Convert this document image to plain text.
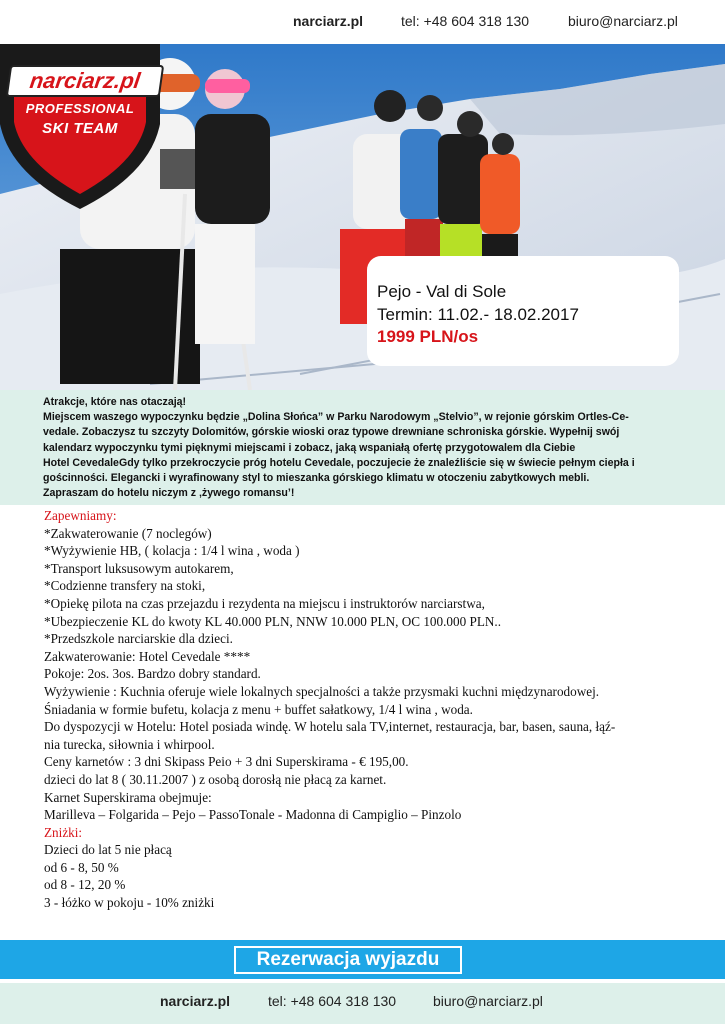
narciarz.pl	tel: +48 604 318 130	biuro@narciarz.pl
narciarz.pl
PROFESSIONAL
SKI TEAM
Pejo - Val di Sole
Termin: 11.02.- 18.02.2017
1999 PLN/os

Atrakcje, które nas otaczają!
Miejscem waszego wypoczynku będzie „Dolina Słońca” w Parku Narodowym „Stelvio”, w rejonie górskim Ortles-Ce-
vedale. Zobaczysz tu szczyty Dolomitów, górskie wioski oraz typowe drewniane schroniska górskie. Wypełnij swój
kalendarz wypoczynku tymi pięknymi miejscami i zobacz, jaką wspaniałą ofertę przygotowalem dla Ciebie
Hotel CevedaleGdy tylko przekroczycie próg hotelu Cevedale, poczujecie że znaleźliście się w świecie pełnym ciepła i
gościnności. Elegancki i wyrafinowany styl to mieszanka górskiego klimatu w otoczeniu zabytkowych mebli.
Zapraszam do hotelu niczym z ‚żywego romansu’!

Zapewniamy:
*Zakwaterowanie (7 noclegów)
*Wyżywienie HB, ( kolacja : 1/4 l wina , woda )
*Transport luksusowym autokarem,
*Codzienne transfery na stoki,
*Opiekę pilota na czas przejazdu i rezydenta na miejscu i instruktorów narciarstwa,
*Ubezpieczenie KL do kwoty KL 40.000 PLN, NNW 10.000 PLN, OC 100.000 PLN..
*Przedszkole narciarskie dla dzieci.
Zakwaterowanie: Hotel Cevedale ****
Pokoje: 2os. 3os. Bardzo dobry standard.
Wyżywienie : Kuchnia oferuje wiele lokalnych specjalności a także przysmaki kuchni międzynarodowej.
Śniadania w formie bufetu, kolacja z menu + buffet sałatkowy, 1/4 l wina , woda.
Do dyspozycji w Hotelu: Hotel posiada windę. W hotelu sala TV,internet, restauracja, bar, basen, sauna, łąź-
nia turecka, siłownia i whirpool.
Ceny karnetów : 3 dni Skipass Peio + 3 dni Superskirama - € 195,00.
dzieci do lat 8 ( 30.11.2007 ) z osobą dorosłą nie płacą za karnet.
Karnet Superskirama obejmuje:
Marilleva – Folgarida – Pejo – PassoTonale - Madonna di Campiglio – Pinzolo
Zniżki:
Dzieci do lat 5 nie płacą
od 6 - 8, 50 %
od 8 - 12, 20 %
3 - łóżko w pokoju - 10% zniżki
Rezerwacja wyjazdu
narciarz.pl	tel: +48 604 318 130	biuro@narciarz.pl
